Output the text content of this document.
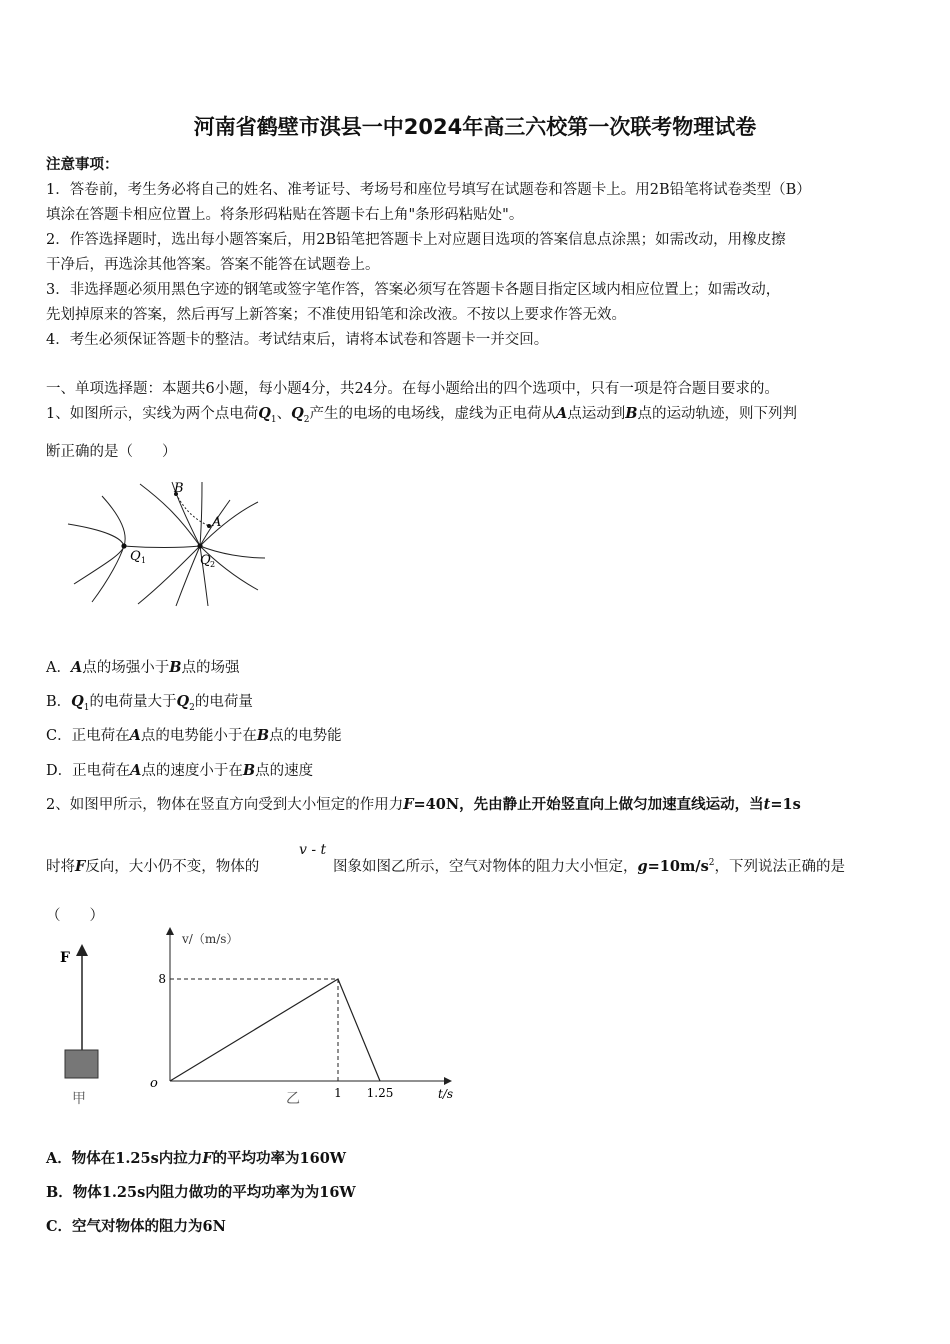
河南省鹤壁市淇县一中2024年高三六校第一次联考物理试卷
注意事项：
1．答卷前，考生务必将自己的姓名、准考证号、考场号和座位号填写在试题卷和答题卡上。用2B铅笔将试卷类型（B）
填涂在答题卡相应位置上。将条形码粘贴在答题卡右上角"条形码粘贴处"。
2．作答选择题时，选出每小题答案后，用2B铅笔把答题卡上对应题目选项的答案信息点涂黑；如需改动，用橡皮擦
干净后，再选涂其他答案。答案不能答在试题卷上。
3．非选择题必须用黑色字迹的钢笔或签字笔作答，答案必须写在答题卡各题目指定区域内相应位置上；如需改动，
先划掉原来的答案，然后再写上新答案；不准使用铅笔和涂改液。不按以上要求作答无效。
4．考生必须保证答题卡的整洁。考试结束后，请将本试卷和答题卡一并交回。
一、单项选择题：本题共6小题，每小题4分，共24分。在每小题给出的四个选项中，只有一项是符合题目要求的。
1、如图所示，实线为两个点电荷$Q_1$、$Q_2$产生的电场的电场线，虚线为正电荷从A点运动到B点的运动轨迹，则下列判
断正确的是（　　）
B
A
Q 1	Q 2
A．A点的场强小于B点的场强
B．$Q_1$的电荷量大于$Q_2$的电荷量
C．正电荷在A点的电势能小于在B点的电势能
D．正电荷在A点的速度小于在B点的速度
2、如图甲所示，物体在竖直方向受到大小恒定的作用力F=40N，先由静止开始竖直向上做匀加速直线运动，当t=1s
v - t
时将F反向，大小仍不变，物体的	图象如图乙所示，空气对物体的阻力大小恒定，$g=10m/s^2$，下列说法正确的是
（　　）
F
甲
8
1 1.25
v/（m/s）
t/s
o
乙
A．物体在1.25s内拉力F的平均功率为160W
B．物体1.25s内阻力做功的平均功率为为16W
C．空气对物体的阻力为6N
